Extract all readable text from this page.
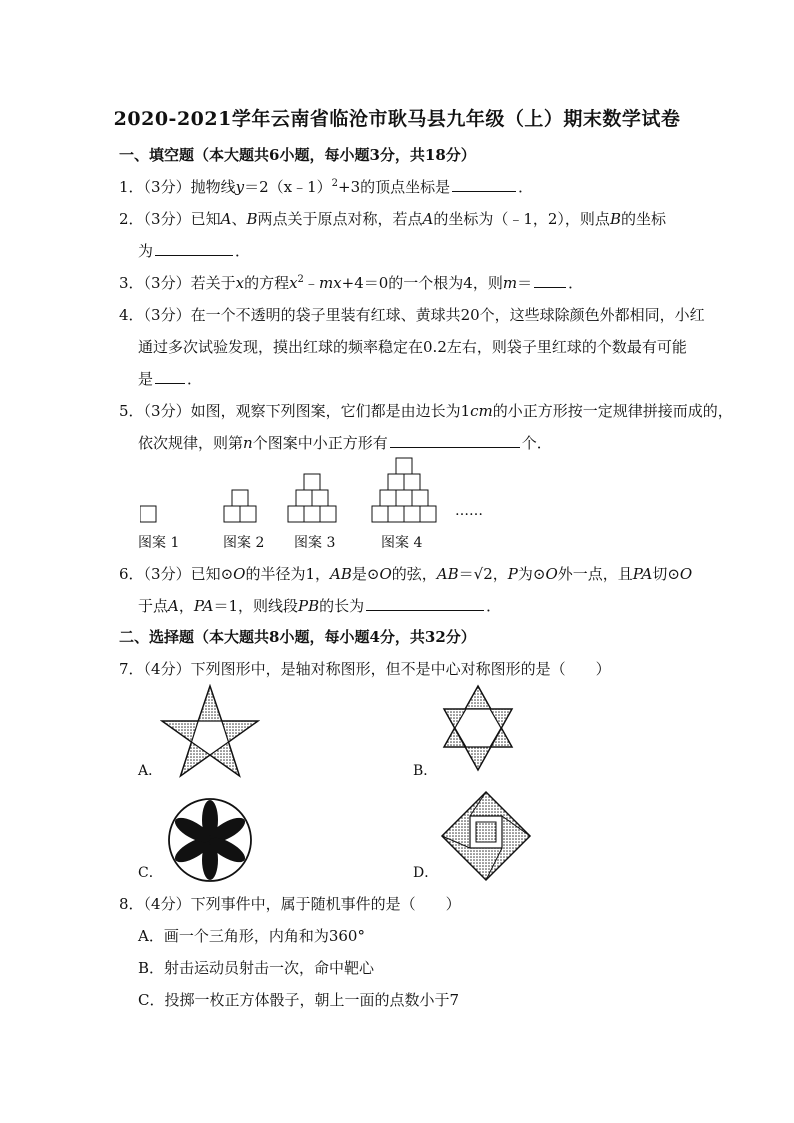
2020-2021学年云南省临沧市耿马县九年级（上）期末数学试卷
一、填空题（本大题共6小题，每小题3分，共18分）
1．（3分）抛物线y＝2（x﹣1）$^2$+3的顶点坐标是	．
2．（3分）已知A、B两点关于原点对称，若点A的坐标为（﹣1，2），则点B的坐标
为	．
3．（3分）若关于x的方程$x^2﹣mx+4=0$的一个根为4，则m＝ ．
4．（3分）在一个不透明的袋子里装有红球、黄球共20个，这些球除颜色外都相同，小红
通过多次试验发现，摸出红球的频率稳定在0.2左右，则袋子里红球的个数最有可能
是 ．
5．（3分）如图，观察下列图案，它们都是由边长为1cm的小正方形按一定规律拼接而成的，
依次规律，则第n个图案中小正方形有	个．
图案 1	图案 2 图案 3	图案 4
……
6．（3分）已知⊙O的半径为1，AB是⊙O的弦，AB＝√2，P为⊙O外一点，且PA切⊙O
于点A，PA＝1，则线段PB的长为	．
二、选择题（本大题共8小题，每小题4分，共32分）
7．（4分）下列图形中，是轴对称图形，但不是中心对称图形的是（　　）
A．	B．
C．	D．
8．（4分）下列事件中，属于随机事件的是（　　）
A．画一个三角形，内角和为360°
B．射击运动员射击一次，命中靶心
C．投掷一枚正方体骰子，朝上一面的点数小于7
